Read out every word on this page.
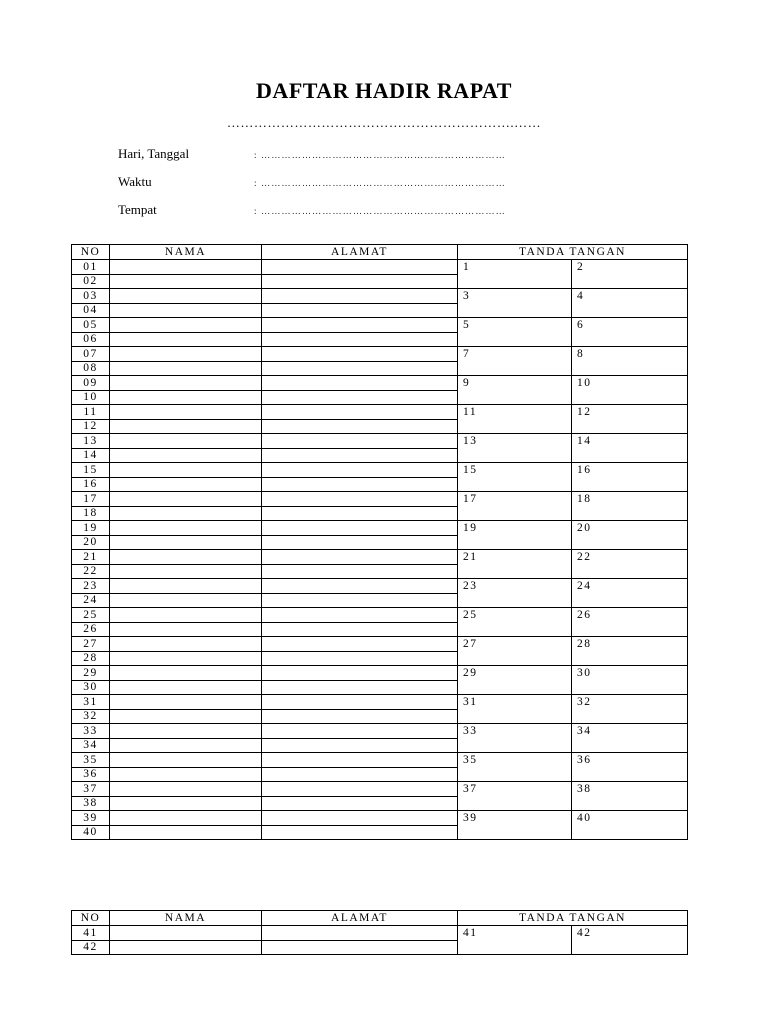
DAFTAR HADIR RAPAT
……………………………………………………….……
Hari, Tanggal	: ………………………………………………………………
Waktu	: ………………………………………………………………
Tempat	: ………………………………………………………………
NO	NAMA	ALAMAT	TANDA TANGAN	
01			1	2
02				
03			3	4
04				
05			5	6
06				
07			7	8
08				
09			9	10
10				
11			11	12
12				
13			13	14
14				
15			15	16
16				
17			17	18
18				
19			19	20
20				
21			21	22
22				
23			23	24
24				
25			25	26
26				
27			27	28
28				
29			29	30
30				
31			31	32
32				
33			33	34
34				
35			35	36
36				
37			37	38
38				
39			39	40
40				
NO	NAMA	ALAMAT	TANDA TANGAN	
41			41	42
42				
